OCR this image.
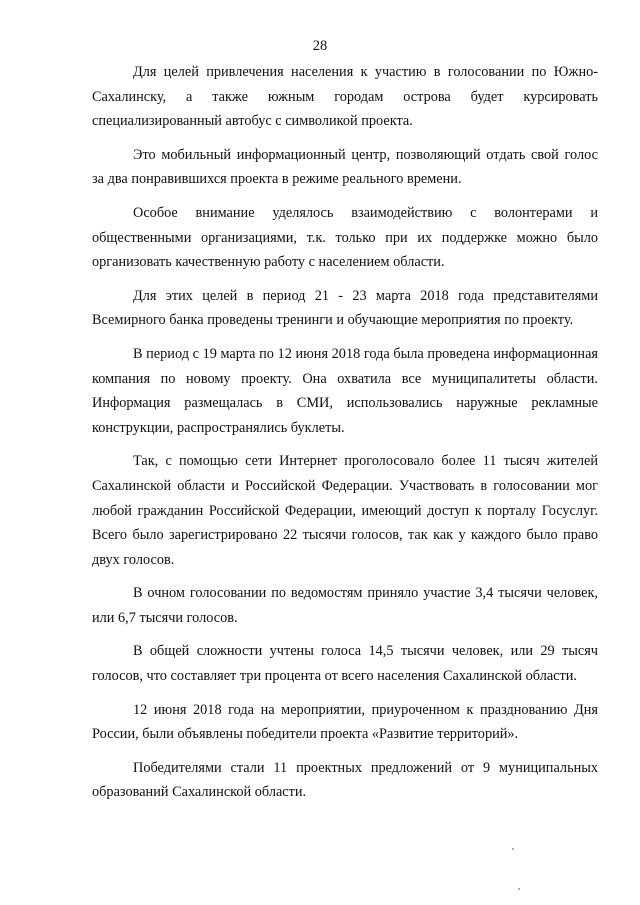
28

Для целей привлечения населения к участию в голосовании по Южно-Сахалинску, а также южным городам острова будет курсировать специализированный автобус с символикой проекта.

Это мобильный информационный центр, позволяющий отдать свой голос за два понравившихся проекта в режиме реального времени.

Особое внимание уделялось взаимодействию с волонтерами и общественными организациями, т.к. только при их поддержке можно было организовать качественную работу с населением области.

Для этих целей в период 21 - 23 марта 2018 года представителями Всемирного банка проведены тренинги и обучающие мероприятия по проекту.

В период с 19 марта по 12 июня 2018 года была проведена информационная компания по новому проекту. Она охватила все муниципалитеты области. Информация размещалась в СМИ, использовались наружные рекламные конструкции, распространялись буклеты.

Так, с помощью сети Интернет проголосовало более 11 тысяч жителей Сахалинской области и Российской Федерации. Участвовать в голосовании мог любой гражданин Российской Федерации, имеющий доступ к порталу Госуслуг. Всего было зарегистрировано 22 тысячи голосов, так как у каждого было право двух голосов.

В очном голосовании по ведомостям приняло участие 3,4 тысячи человек, или 6,7 тысячи голосов.

В общей сложности учтены голоса 14,5 тысячи человек, или 29 тысяч голосов, что составляет три процента от всего населения Сахалинской области.

12 июня 2018 года на мероприятии, приуроченном к празднованию Дня России, были объявлены победители проекта «Развитие территорий».

Победителями стали 11 проектных предложений от 9 муниципальных образований Сахалинской области.
